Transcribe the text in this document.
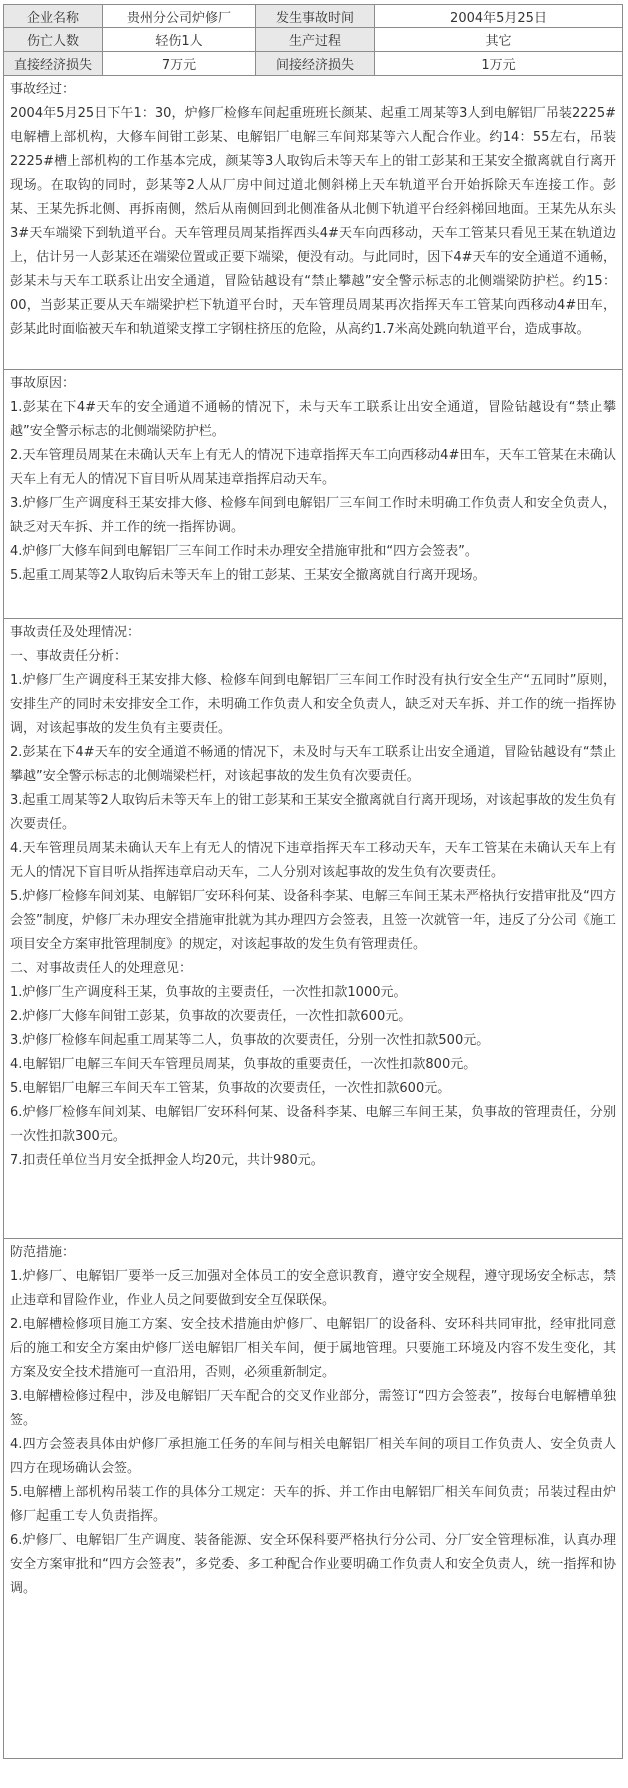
企业名称	贵州分公司炉修厂	发生事故时间	2004年5月25日
伤亡人数	轻伤1人	生产过程	其它
直接经济损失	7万元	间接经济损失	1万元

事故经过：

2004年5月25日下午1：30，炉修厂检修车间起重班班长颜某、起重工周某等3人到电解铝厂吊装2225#电解槽上部机构，大修车间钳工彭某、电解铝厂电解三车间郑某等六人配合作业。约14：55左右，吊装2225#槽上部机构的工作基本完成，颜某等3人取钩后未等天车上的钳工彭某和王某安全撤离就自行离开现场。在取钩的同时，彭某等2人从厂房中间过道北侧斜梯上天车轨道平台开始拆除天车连接工作。彭某、王某先拆北侧、再拆南侧，然后从南侧回到北侧准备从北侧下轨道平台经斜梯回地面。王某先从东头3#天车端梁下到轨道平台。天车管理员周某指挥西头4#天车向西移动，天车工管某只看见王某在轨道边上，估计另一人彭某还在端梁位置或正要下端梁，便没有动。与此同时，因下4#天车的安全通道不通畅，彭某未与天车工联系让出安全通道，冒险钻越设有“禁止攀越”安全警示标志的北侧端梁防护栏。约15：00，当彭某正要从天车端梁护栏下轨道平台时，天车管理员周某再次指挥天车工管某向西移动4#田车，彭某此时面临被天车和轨道梁支撑工字钢柱挤压的危险，从高约1.7米高处跳向轨道平台，造成事故。

事故原因：

1.彭某在下4#天车的安全通道不通畅的情况下，未与天车工联系让出安全通道，冒险钻越设有“禁止攀越”安全警示标志的北侧端梁防护栏。

2.天车管理员周某在未确认天车上有无人的情况下违章指挥天车工向西移动4#田车，天车工管某在未确认天车上有无人的情况下盲目听从周某违章指挥启动天车。

3.炉修厂生产调度科王某安排大修、检修车间到电解铝厂三车间工作时未明确工作负责人和安全负责人，缺乏对天车拆、并工作的统一指挥协调。

4.炉修厂大修车间到电解铝厂三车间工作时未办理安全措施审批和“四方会签表”。

5.起重工周某等2人取钩后未等天车上的钳工彭某、王某安全撤离就自行离开现场。

事故责任及处理情况：

一、事故责任分析：

1.炉修厂生产调度科王某安排大修、检修车间到电解铝厂三车间工作时没有执行安全生产“五同时”原则，安排生产的同时未安排安全工作，未明确工作负责人和安全负责人，缺乏对天车拆、并工作的统一指挥协调，对该起事故的发生负有主要责任。

2.彭某在下4#天车的安全通道不畅通的情况下，未及时与天车工联系让出安全通道，冒险钻越设有“禁止攀越”安全警示标志的北侧端梁栏杆，对该起事故的发生负有次要责任。

3.起重工周某等2人取钩后未等天车上的钳工彭某和王某安全撤离就自行离开现场，对该起事故的发生负有次要责任。

4.天车管理员周某未确认天车上有无人的情况下违章指挥天车工移动天车，天车工管某在未确认天车上有无人的情况下盲目听从指挥违章启动天车，二人分别对该起事故的发生负有次要责任。

5.炉修厂检修车间刘某、电解铝厂安环科何某、设备科李某、电解三车间王某未严格执行安措审批及“四方会签”制度，炉修厂未办理安全措施审批就为其办理四方会签表，且签一次就管一年，违反了分公司《施工项目安全方案审批管理制度》的规定，对该起事故的发生负有管理责任。

二、对事故责任人的处理意见：

1.炉修厂生产调度科王某，负事故的主要责任，一次性扣款1000元。

2.炉修厂大修车间钳工彭某，负事故的次要责任，一次性扣款600元。

3.炉修厂检修车间起重工周某等二人，负事故的次要责任，分别一次性扣款500元。

4.电解铝厂电解三车间天车管理员周某，负事故的重要责任，一次性扣款800元。

5.电解铝厂电解三车间天车工管某，负事故的次要责任，一次性扣款600元。

6.炉修厂检修车间刘某、电解铝厂安环科何某、设备科李某、电解三车间王某，负事故的管理责任，分别一次性扣款300元。

7.扣责任单位当月安全抵押金人均20元，共计980元。

防范措施：

1.炉修厂、电解铝厂要举一反三加强对全体员工的安全意识教育，遵守安全规程，遵守现场安全标志，禁止违章和冒险作业，作业人员之间要做到安全互保联保。

2.电解槽检修项目施工方案、安全技术措施由炉修厂、电解铝厂的设备科、安环科共同审批，经审批同意后的施工和安全方案由炉修厂送电解铝厂相关车间，便于属地管理。只要施工环境及内容不发生变化，其方案及安全技术措施可一直沿用，否则，必须重新制定。

3.电解槽检修过程中，涉及电解铝厂天车配合的交叉作业部分，需签订“四方会签表”，按每台电解槽单独签。

4.四方会签表具体由炉修厂承担施工任务的车间与相关电解铝厂相关车间的项目工作负责人、安全负责人四方在现场确认会签。

5.电解槽上部机构吊装工作的具体分工规定：天车的拆、并工作由电解铝厂相关车间负责；吊装过程由炉修厂起重工专人负责指挥。

6.炉修厂、电解铝厂生产调度、装备能源、安全环保科要严格执行分公司、分厂安全管理标准，认真办理安全方案审批和“四方会签表”，多党委、多工种配合作业要明确工作负责人和安全负责人，统一指挥和协调。
